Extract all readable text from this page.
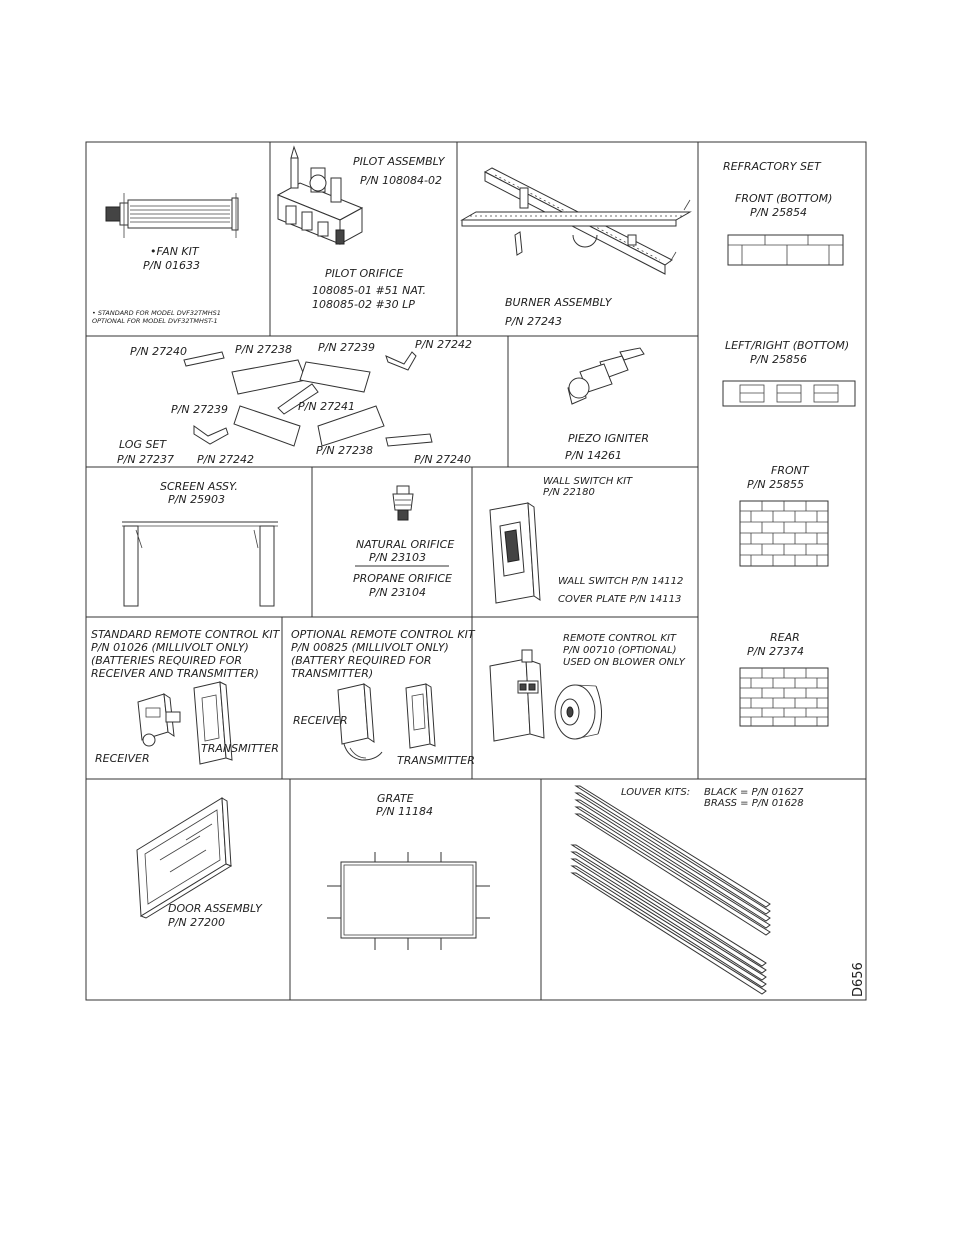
•FAN KIT
P/N 01633
• STANDARD FOR MODEL DVF32TMHS1
OPTIONAL FOR MODEL DVF32TMHST-1
PILOT ASSEMBLY
P/N 108084-02
PILOT ORIFICE
108085-01 #51 NAT.
108085-02 #30 LP	BURNER ASSEMBLY
P/N 27243
REFRACTORY SET
FRONT (BOTTOM)
P/N 25854
LEFT/RIGHT (BOTTOM)
P/N 25856
FRONT
P/N 25855
REAR
P/N 27374
P/N 27240	P/N 27238 P/N 27239	P/N 27242
P/N 27239	P/N 27241
LOG SET
P/N 27237 P/N 27242
P/N 27238
P/N 27240
PIEZO IGNITER
P/N 14261
SCREEN ASSY.
P/N 25903
NATURAL ORIFICE
P/N 23103
PROPANE ORIFICE
P/N 23104
WALL SWITCH KIT
P/N 22180
WALL SWITCH P/N 14112
COVER PLATE P/N 14113
STANDARD REMOTE CONTROL KIT
P/N 01026 (MILLIVOLT ONLY)
(BATTERIES REQUIRED FOR
RECEIVER AND TRANSMITTER)
RECEIVER
TRANSMITTER
OPTIONAL REMOTE CONTROL KIT
P/N 00825 (MILLIVOLT ONLY)
(BATTERY REQUIRED FOR
TRANSMITTER)
RECEIVER
TRANSMITTER
REMOTE CONTROL KIT
P/N 00710 (OPTIONAL)
USED ON BLOWER ONLY
DOOR ASSEMBLY
P/N 27200
GRATE
P/N 11184
LOUVER KITS: BLACK = P/N 01627
BRASS = P/N 01628
D656
